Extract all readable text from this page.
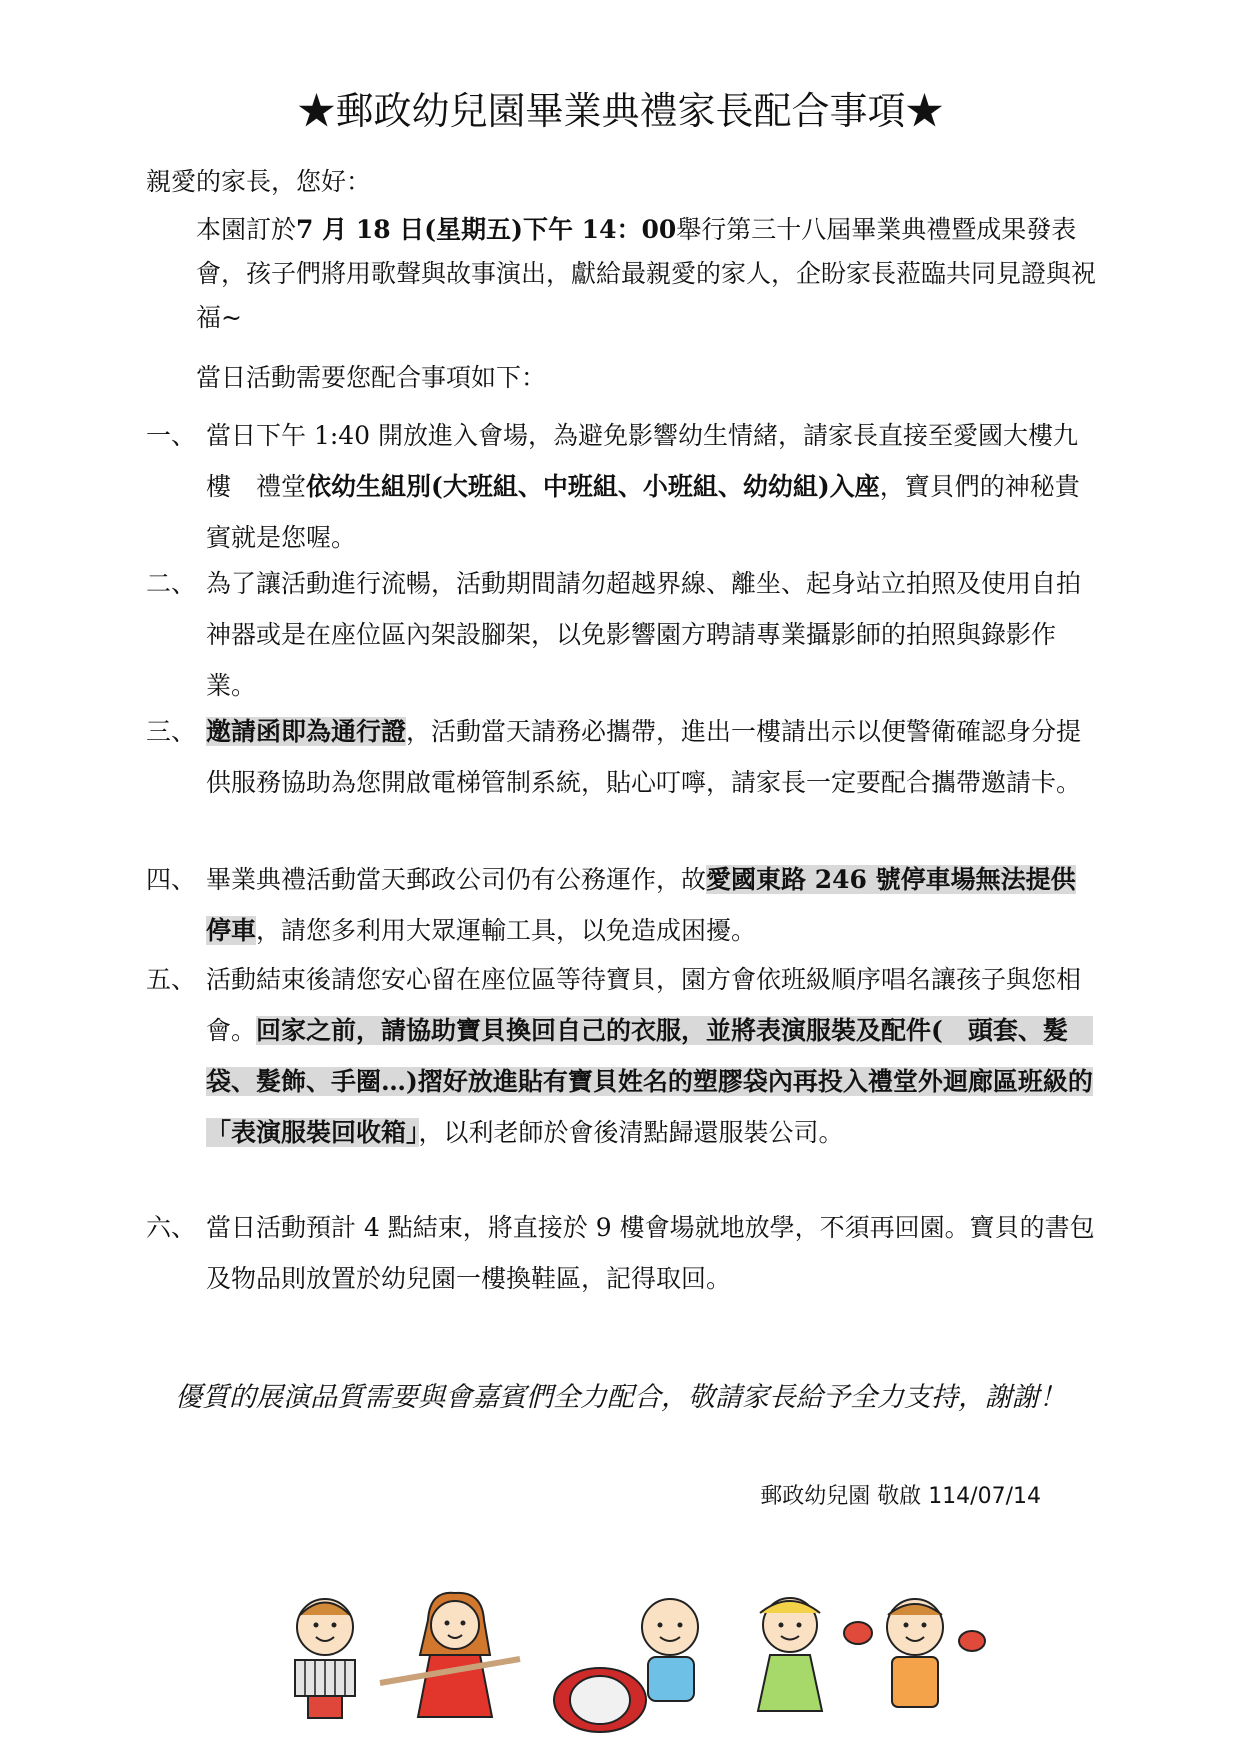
★郵政幼兒園畢業典禮家長配合事項★
親愛的家長，您好：
本園訂於7 月 18 日(星期五)下午 14：00舉行第三十八屆畢業典禮暨成果發表會，孩子們將用歌聲與故事演出，獻給最親愛的家人，企盼家長蒞臨共同見證與祝福~
當日活動需要您配合事項如下：
一、 當日下午 1:40 開放進入會場，為避免影響幼生情緒，請家長直接至愛國大樓九樓　禮堂依幼生組別(大班組、中班組、小班組、幼幼組)入座，寶貝們的神秘貴賓就是您喔。
二、 為了讓活動進行流暢，活動期間請勿超越界線、離坐、起身站立拍照及使用自拍神器或是在座位區內架設腳架，以免影響園方聘請專業攝影師的拍照與錄影作業。
三、 邀請函即為通行證，活動當天請務必攜帶，進出一樓請出示以便警衛確認身分提供服務協助為您開啟電梯管制系統，貼心叮嚀，請家長一定要配合攜帶邀請卡。
四、 畢業典禮活動當天郵政公司仍有公務運作，故愛國東路 246 號停車場無法提供停車，請您多利用大眾運輸工具，以免造成困擾。
五、 活動結束後請您安心留在座位區等待寶貝，園方會依班級順序唱名讓孩子與您相會。回家之前，請協助寶貝換回自己的衣服，並將表演服裝及配件(　頭套、髮　袋、髮飾、手圈…)摺好放進貼有寶貝姓名的塑膠袋內再投入禮堂外迴廊區班級的「表演服裝回收箱」，以利老師於會後清點歸還服裝公司。
六、 當日活動預計 4 點結束，將直接於 9 樓會場就地放學，不須再回園。寶貝的書包及物品則放置於幼兒園一樓換鞋區，記得取回。
優質的展演品質需要與會嘉賓們全力配合，敬請家長給予全力支持，謝謝！
郵政幼兒園 敬啟 114/07/14
